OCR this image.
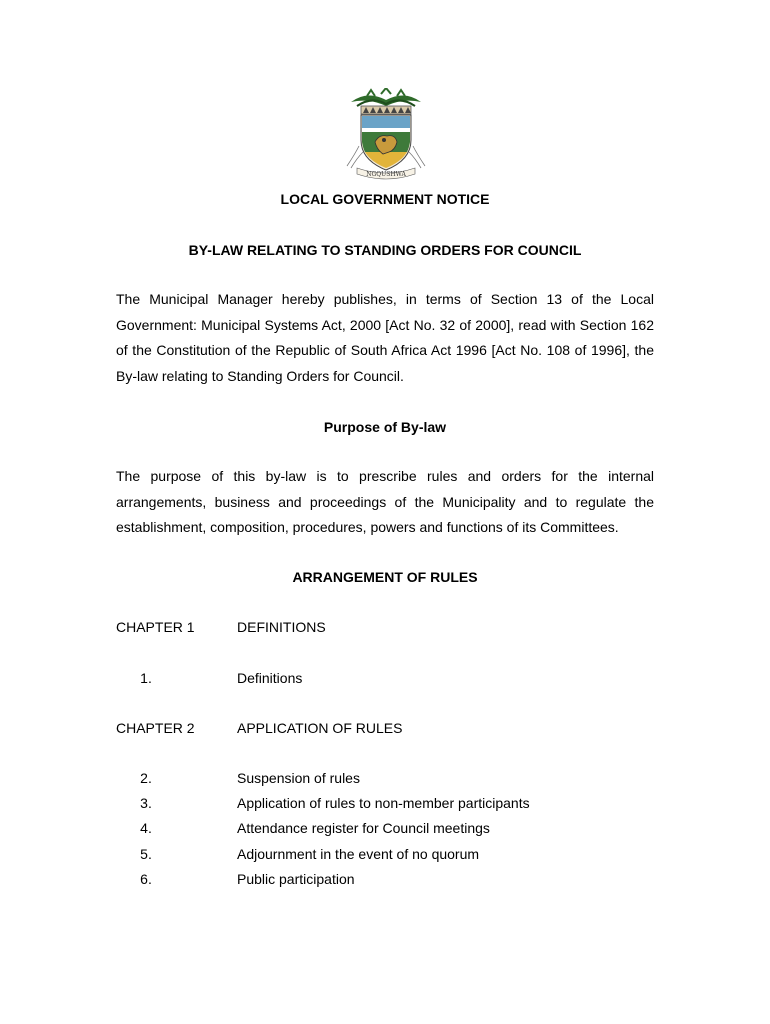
NGQUSHWA
LOCAL GOVERNMENT NOTICE
BY-LAW RELATING TO STANDING ORDERS FOR COUNCIL
The Municipal Manager hereby publishes, in terms of Section 13 of the Local Government: Municipal Systems Act, 2000 [Act No. 32 of 2000], read with Section 162 of the Constitution of the Republic of South Africa Act 1996 [Act No. 108 of 1996], the By-law relating to Standing Orders for Council.
Purpose of By-law
The purpose of this by-law is to prescribe rules and orders for the internal arrangements, business and proceedings of the Municipality and to regulate the establishment, composition, procedures, powers and functions of its Committees.
ARRANGEMENT OF RULES
CHAPTER 1	DEFINITIONS
1.	Definitions
CHAPTER 2	APPLICATION OF RULES
2.	Suspension of rules
3.	Application of rules to non-member participants
4.	Attendance register for Council meetings
5.	Adjournment in the event of no quorum
6.	Public participation
